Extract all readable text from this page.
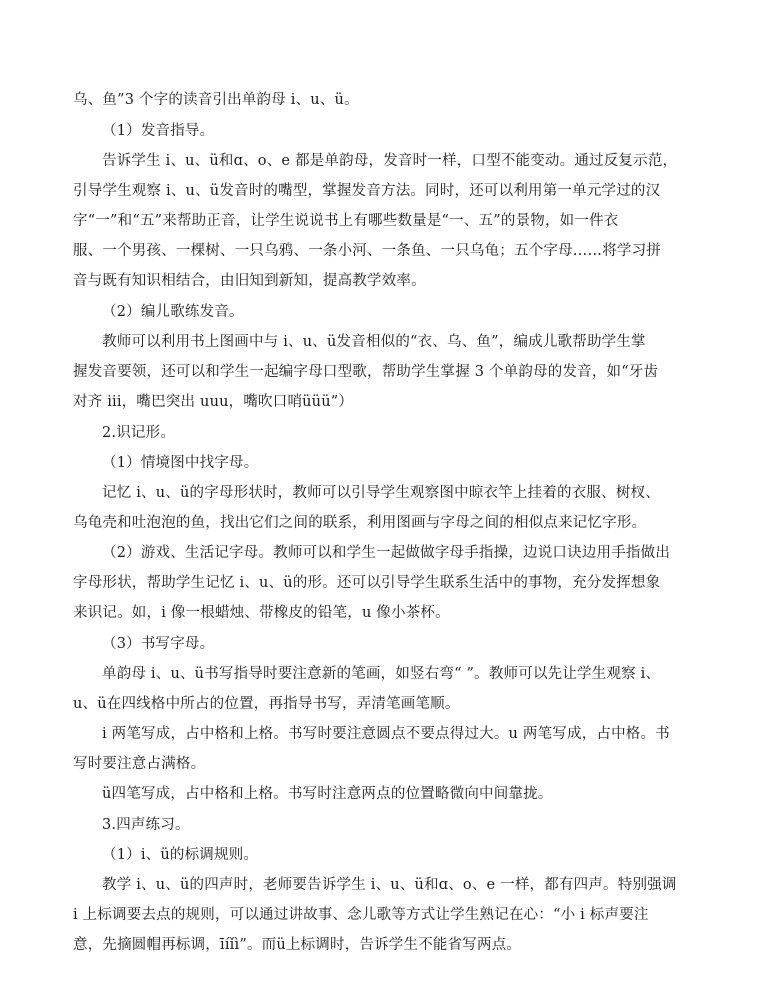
乌、鱼”3 个字的读音引出单韵母 i、u、ü。
（1）发音指导。
告诉学生 i、u、ü和ɑ、o、e 都是单韵母，发音时一样，口型不能变动。通过反复示范，
引导学生观察 i、u、ü发音时的嘴型，掌握发音方法。同时，还可以利用第一单元学过的汉
字“一”和“五”来帮助正音，让学生说说书上有哪些数量是“一、五”的景物，如一件衣
服、一个男孩、一棵树、一只乌鸦、一条小河、一条鱼、一只乌龟；五个字母……将学习拼
音与既有知识相结合，由旧知到新知，提高教学效率。
（2）编儿歌练发音。
教师可以利用书上图画中与 i、u、ü发音相似的“衣、乌、鱼”，编成儿歌帮助学生掌
握发音要领，还可以和学生一起编字母口型歌，帮助学生掌握 3 个单韵母的发音，如“牙齿
对齐 iii，嘴巴突出 uuu，嘴吹口哨üüü”）
2.识记形。
（1）情境图中找字母。
记忆 i、u、ü的字母形状时，教师可以引导学生观察图中晾衣竿上挂着的衣服、树杈、
乌龟壳和吐泡泡的鱼，找出它们之间的联系，利用图画与字母之间的相似点来记忆字形。
（2）游戏、生活记字母。教师可以和学生一起做做字母手指操，边说口诀边用手指做出
字母形状，帮助学生记忆 i、u、ü的形。还可以引导学生联系生活中的事物，充分发挥想象
来识记。如，i 像一根蜡烛、带橡皮的铅笔，u 像小茶杯。
（3）书写字母。
单韵母 i、u、ü书写指导时要注意新的笔画，如竖右弯“ ”。教师可以先让学生观察 i、
u、ü在四线格中所占的位置，再指导书写，弄清笔画笔顺。
i 两笔写成，占中格和上格。书写时要注意圆点不要点得过大。u 两笔写成，占中格。书
写时要注意占满格。
ü四笔写成，占中格和上格。书写时注意两点的位置略微向中间靠拢。
3.四声练习。
（1）i、ü的标调规则。
教学 i、u、ü的四声时，老师要告诉学生 i、u、ü和ɑ、o、e 一样，都有四声。特别强调
i 上标调要去点的规则，可以通过讲故事、念儿歌等方式让学生熟记在心：“小 i 标声要注
意，先摘圆帽再标调，īíǐì”。而ü上标调时，告诉学生不能省写两点。
